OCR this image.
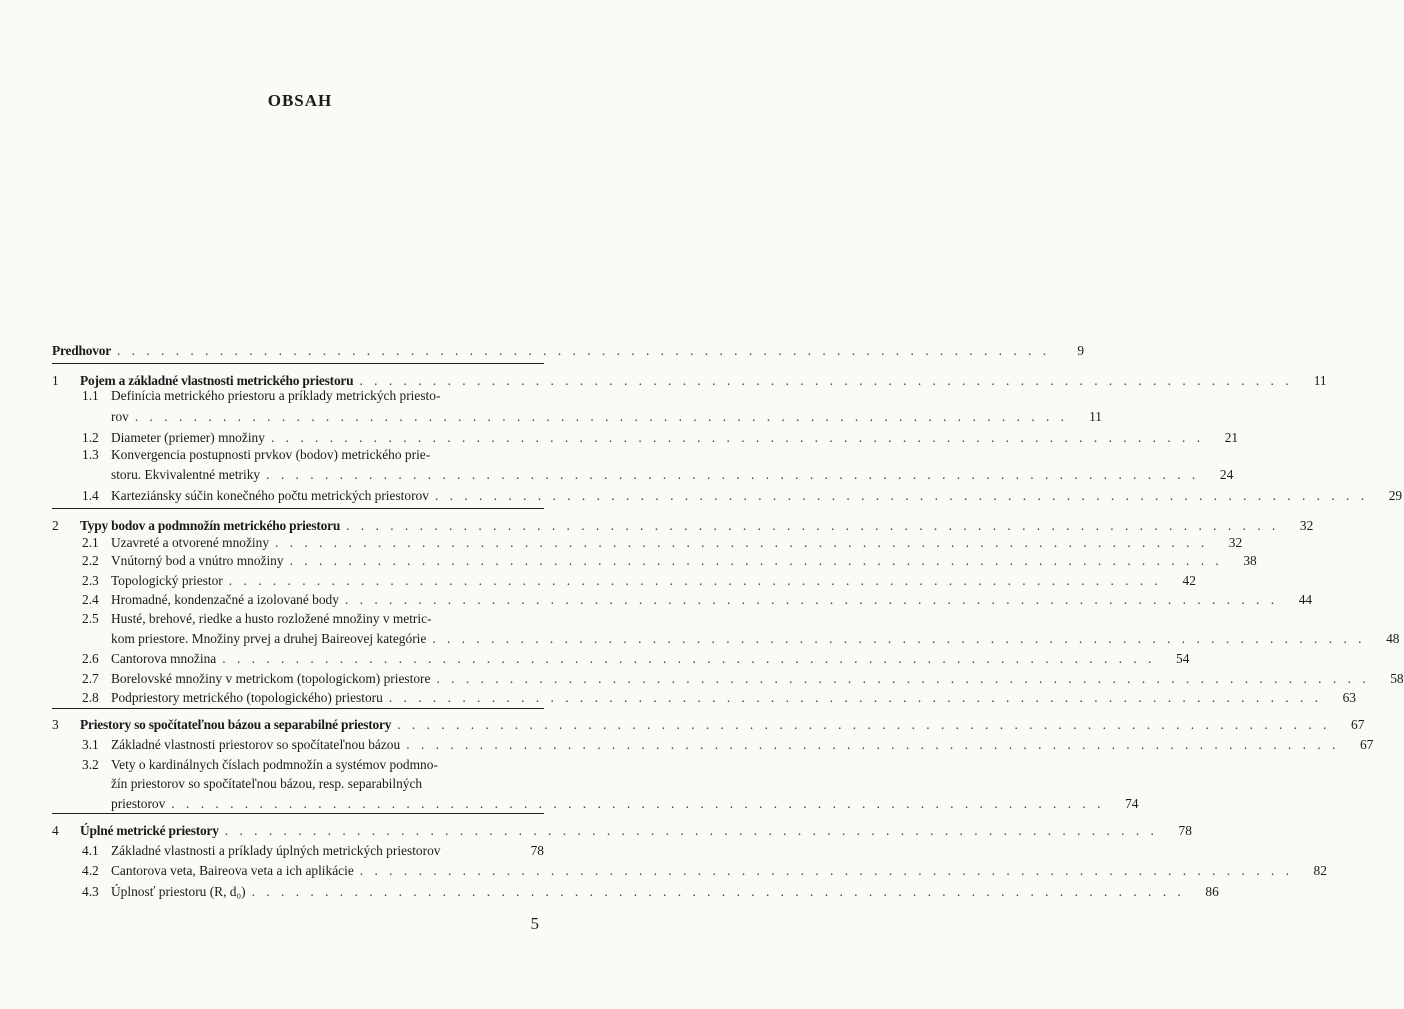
OBSAH
Predhovor . . .	9
1	Pojem a základné vlastnosti metrického priestoru . . .	11
1.1 Definícia metrického priestoru a príklady metrických priesto-
rov . . .	11
1.2 Diameter (priemer) množiny . . .	21
1.3 Konvergencia postupnosti prvkov (bodov) metrického prie-
storu. Ekvivalentné metriky . . .	24
1.4 Karteziánsky súčin konečného počtu metrických priestorov . . .	29
2	Typy bodov a podmnožín metrického priestoru . . .	32
2.1 Uzavreté a otvorené množiny . . .	32
2.2 Vnútorný bod a vnútro množiny . . .	38
2.3 Topologický priestor . . .	42
2.4 Hromadné, kondenzačné a izolované body . . .	44
2.5 Husté, brehové, riedke a husto rozložené množiny v metric-
kom priestore. Množiny prvej a druhej Baireovej kategórie . . .	48
2.6 Cantorova množina . . .	54
2.7 Borelovské množiny v metrickom (topologickom) priestore . . .	58
2.8 Podpriestory metrického (topologického) priestoru . . .	63
3	Priestory so spočítateľnou bázou a separabilné priestory . . .	67
3.1 Základné vlastnosti priestorov so spočítateľnou bázou . . .	67
3.2 Vety o kardinálnych číslach podmnožín a systémov podmno-
žín priestorov so spočítateľnou bázou, resp. separabilných
priestorov . . .	74
4	Úplné metrické priestory . . .	78
4.1 Základné vlastnosti a príklady úplných metrických priestorov	78
4.2 Cantorova veta, Baireova veta a ich aplikácie . . .	82
4.3 Úplnosť priestoru (R, d₀) . . .	86
5
